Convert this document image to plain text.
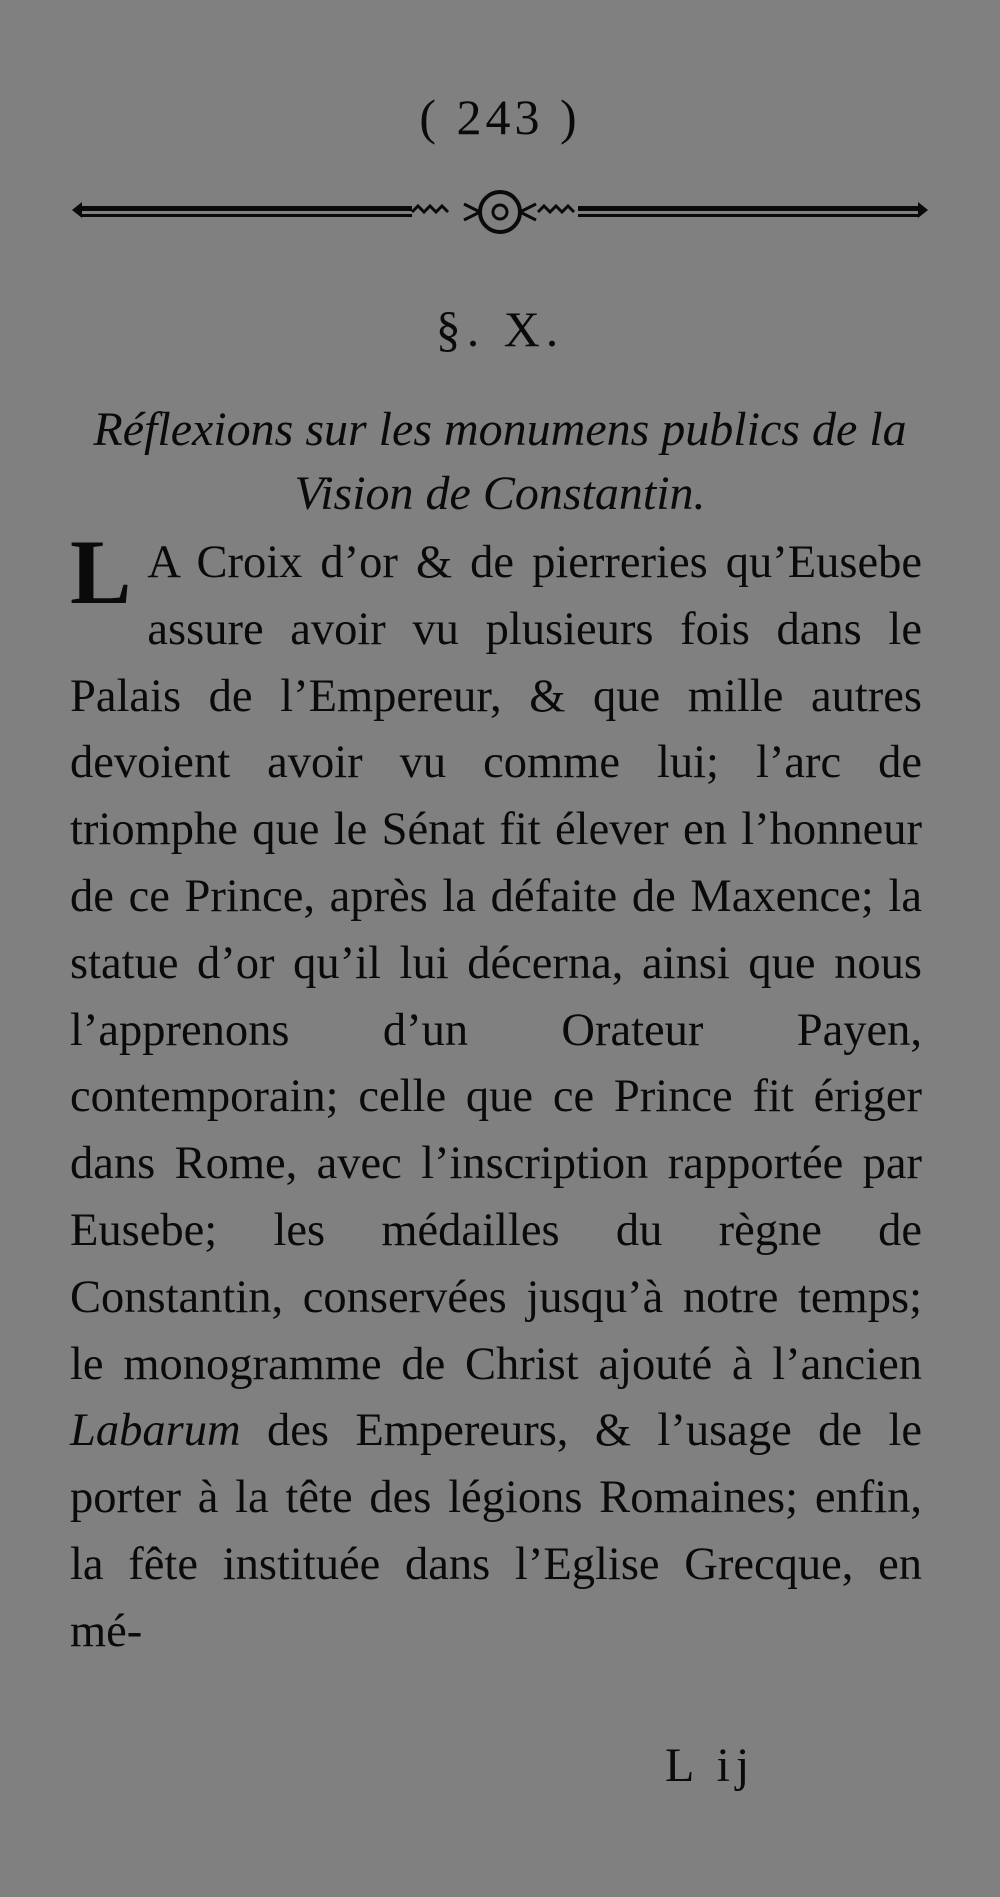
( 243 )
§. X.
Réflexions sur les monumens publics de la Vision de Constantin.

L A Croix d’or & de pierreries qu’Eusebe assure avoir vu plusieurs fois dans le Palais de l’Empereur, & que mille autres devoient avoir vu comme lui; l’arc de triomphe que le Sénat fit élever en l’honneur de ce Prince, après la défaite de Maxence; la statue d’or qu’il lui décerna, ainsi que nous l’apprenons d’un Orateur Payen, contemporain; celle que ce Prince fit ériger dans Rome, avec l’inscription rapportée par Eusebe; les médailles du règne de Constantin, conservées jusqu’à notre temps; le monogramme de Christ ajouté à l’ancien Labarum des Empereurs, & l’usage de le porter à la tête des légions Romaines; enfin, la fête instituée dans l’Eglise Grecque, en mé-

L ij
